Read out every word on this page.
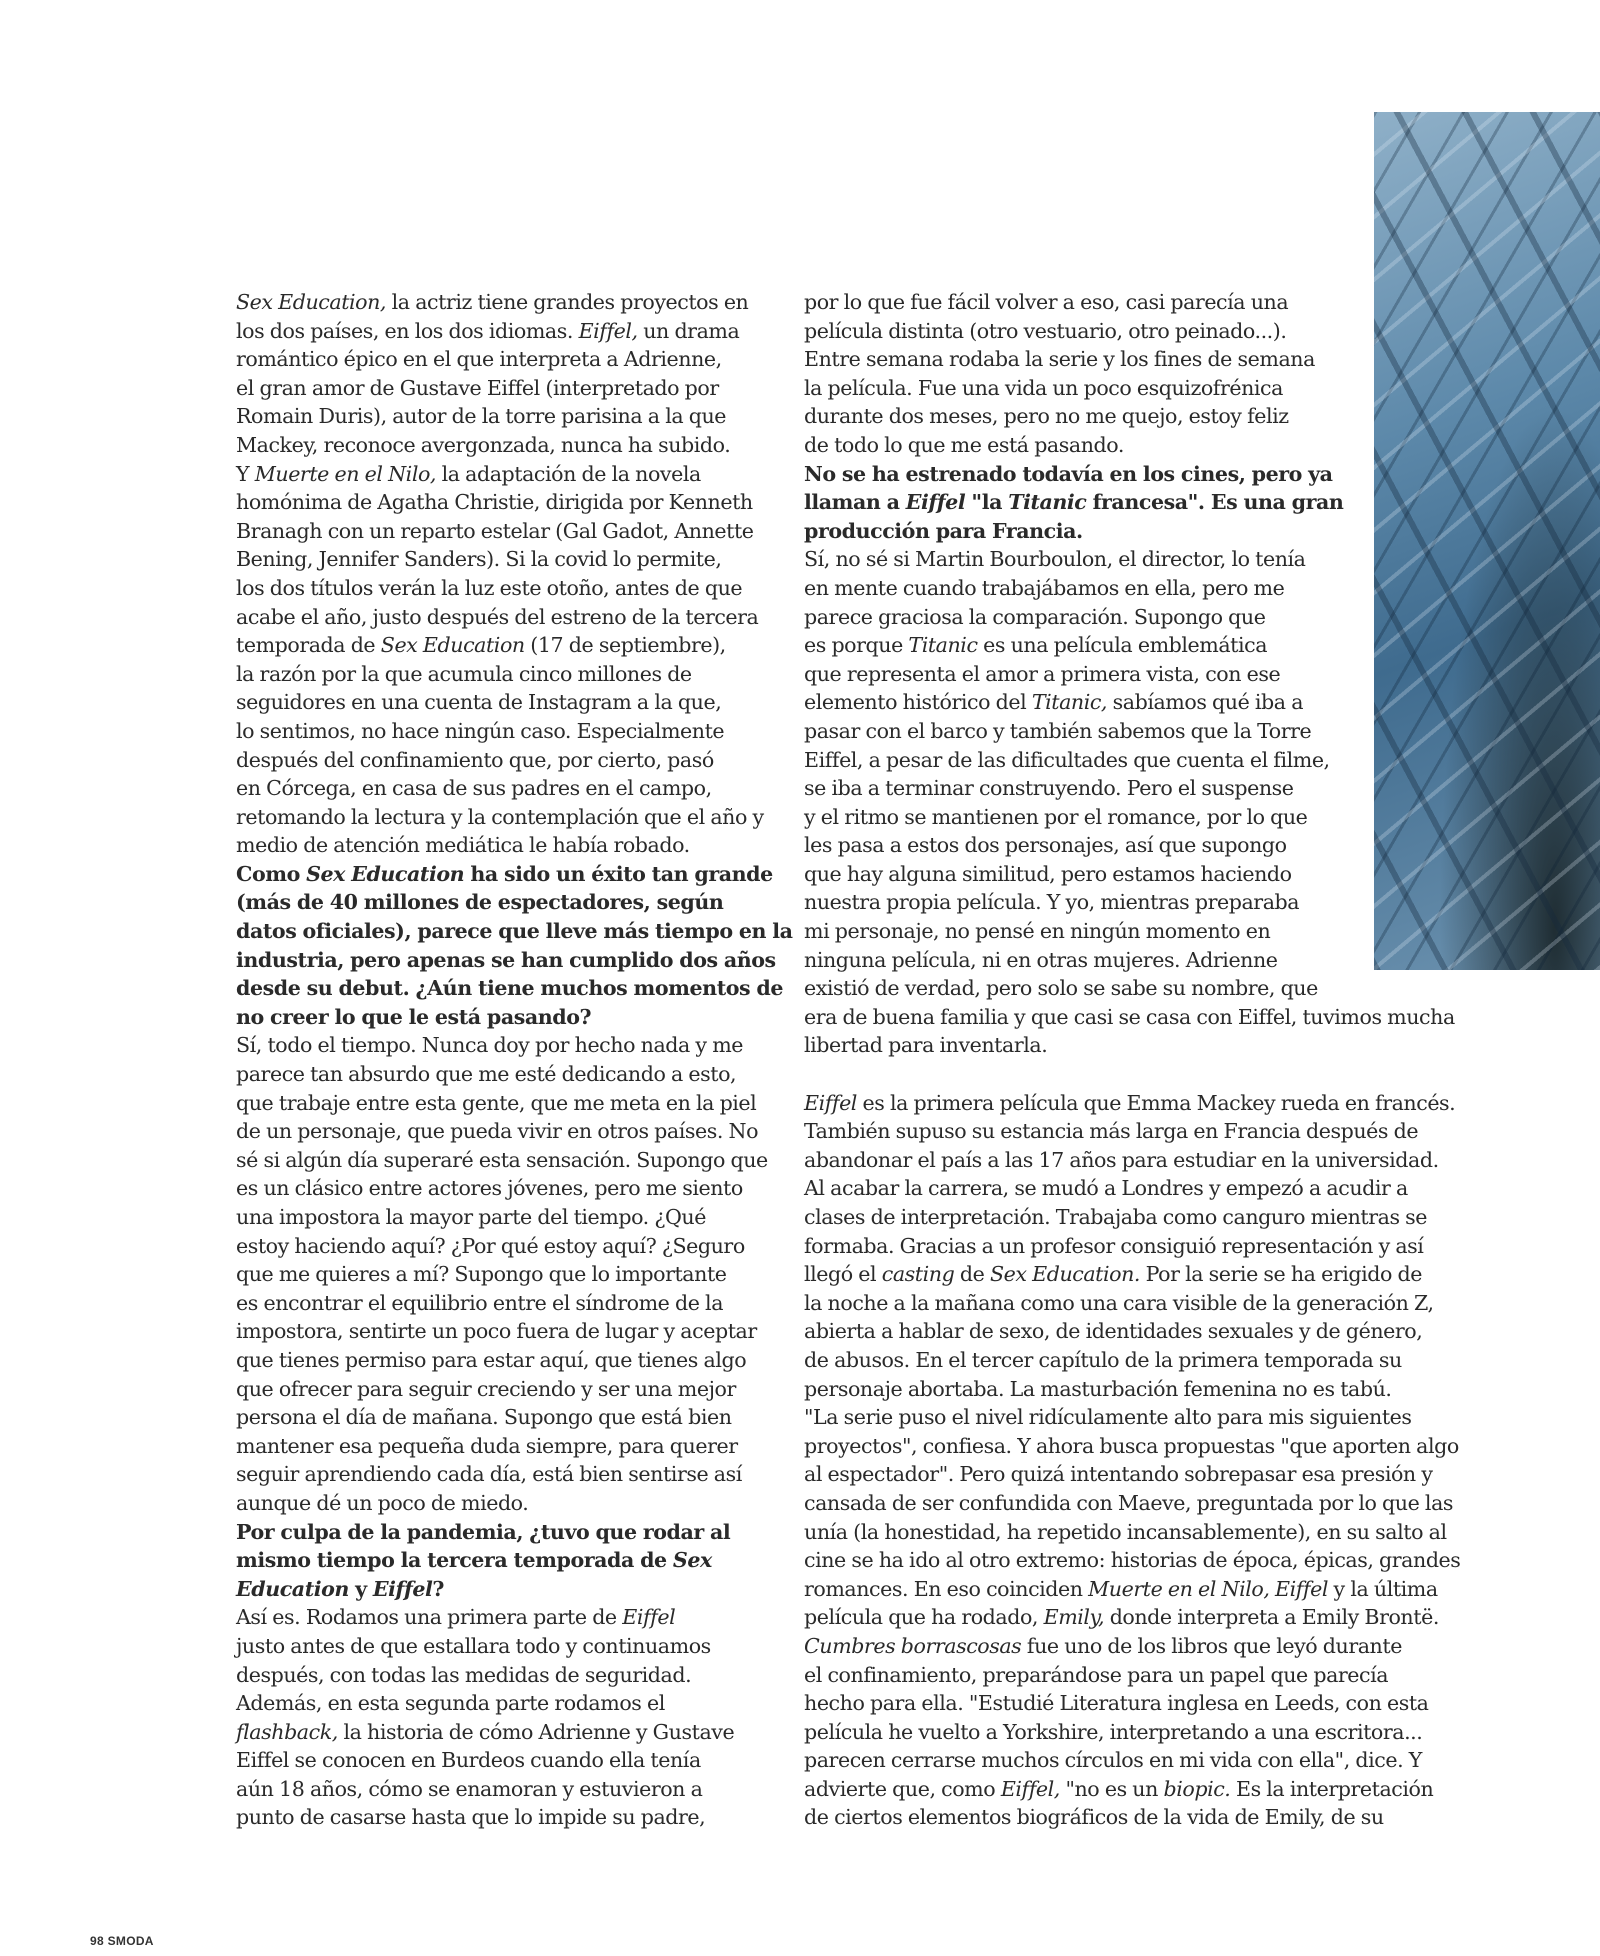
Sex Education, la actriz tiene grandes proyectos en
los dos países, en los dos idiomas. Eiffel, un drama
romántico épico en el que interpreta a Adrienne,
el gran amor de Gustave Eiffel (interpretado por
Romain Duris), autor de la torre parisina a la que
Mackey, reconoce avergonzada, nunca ha subido.
Y Muerte en el Nilo, la adaptación de la novela
homónima de Agatha Christie, dirigida por Kenneth
Branagh con un reparto estelar (Gal Gadot, Annette
Bening, Jennifer Sanders). Si la covid lo permite,
los dos títulos verán la luz este otoño, antes de que
acabe el año, justo después del estreno de la tercera
temporada de Sex Education (17 de septiembre),
la razón por la que acumula cinco millones de
seguidores en una cuenta de Instagram a la que,
lo sentimos, no hace ningún caso. Especialmente
después del confinamiento que, por cierto, pasó
en Córcega, en casa de sus padres en el campo,
retomando la lectura y la contemplación que el año y
medio de atención mediática le había robado.
Como Sex Education ha sido un éxito tan grande
(más de 40 millones de espectadores, según
datos oficiales), parece que lleve más tiempo en la
industria, pero apenas se han cumplido dos años
desde su debut. ¿Aún tiene muchos momentos de
no creer lo que le está pasando?
Sí, todo el tiempo. Nunca doy por hecho nada y me
parece tan absurdo que me esté dedicando a esto,
que trabaje entre esta gente, que me meta en la piel
de un personaje, que pueda vivir en otros países. No
sé si algún día superaré esta sensación. Supongo que
es un clásico entre actores jóvenes, pero me siento
una impostora la mayor parte del tiempo. ¿Qué
estoy haciendo aquí? ¿Por qué estoy aquí? ¿Seguro
que me quieres a mí? Supongo que lo importante
es encontrar el equilibrio entre el síndrome de la
impostora, sentirte un poco fuera de lugar y aceptar
que tienes permiso para estar aquí, que tienes algo
que ofrecer para seguir creciendo y ser una mejor
persona el día de mañana. Supongo que está bien
mantener esa pequeña duda siempre, para querer
seguir aprendiendo cada día, está bien sentirse así
aunque dé un poco de miedo.
Por culpa de la pandemia, ¿tuvo que rodar al
mismo tiempo la tercera temporada de Sex
Education y Eiffel?
Así es. Rodamos una primera parte de Eiffel
justo antes de que estallara todo y continuamos
después, con todas las medidas de seguridad.
Además, en esta segunda parte rodamos el
flashback, la historia de cómo Adrienne y Gustave
Eiffel se conocen en Burdeos cuando ella tenía
aún 18 años, cómo se enamoran y estuvieron a
punto de casarse hasta que lo impide su padre,
por lo que fue fácil volver a eso, casi parecía una
película distinta (otro vestuario, otro peinado...).
Entre semana rodaba la serie y los fines de semana
la película. Fue una vida un poco esquizofrénica
durante dos meses, pero no me quejo, estoy feliz
de todo lo que me está pasando.
No se ha estrenado todavía en los cines, pero ya
llaman a Eiffel "la Titanic francesa". Es una gran
producción para Francia.
Sí, no sé si Martin Bourboulon, el director, lo tenía
en mente cuando trabajábamos en ella, pero me
parece graciosa la comparación. Supongo que
es porque Titanic es una película emblemática
que representa el amor a primera vista, con ese
elemento histórico del Titanic, sabíamos qué iba a
pasar con el barco y también sabemos que la Torre
Eiffel, a pesar de las dificultades que cuenta el filme,
se iba a terminar construyendo. Pero el suspense
y el ritmo se mantienen por el romance, por lo que
les pasa a estos dos personajes, así que supongo
que hay alguna similitud, pero estamos haciendo
nuestra propia película. Y yo, mientras preparaba
mi personaje, no pensé en ningún momento en
ninguna película, ni en otras mujeres. Adrienne
existió de verdad, pero solo se sabe su nombre, que
era de buena familia y que casi se casa con Eiffel, tuvimos mucha
libertad para inventarla.
Eiffel es la primera película que Emma Mackey rueda en francés.
También supuso su estancia más larga en Francia después de
abandonar el país a las 17 años para estudiar en la universidad.
Al acabar la carrera, se mudó a Londres y empezó a acudir a
clases de interpretación. Trabajaba como canguro mientras se
formaba. Gracias a un profesor consiguió representación y así
llegó el casting de Sex Education. Por la serie se ha erigido de
la noche a la mañana como una cara visible de la generación Z,
abierta a hablar de sexo, de identidades sexuales y de género,
de abusos. En el tercer capítulo de la primera temporada su
personaje abortaba. La masturbación femenina no es tabú.
"La serie puso el nivel ridículamente alto para mis siguientes
proyectos", confiesa. Y ahora busca propuestas "que aporten algo
al espectador". Pero quizá intentando sobrepasar esa presión y
cansada de ser confundida con Maeve, preguntada por lo que las
unía (la honestidad, ha repetido incansablemente), en su salto al
cine se ha ido al otro extremo: historias de época, épicas, grandes
romances. En eso coinciden Muerte en el Nilo, Eiffel y la última
película que ha rodado, Emily, donde interpreta a Emily Brontë.
Cumbres borrascosas fue uno de los libros que leyó durante
el confinamiento, preparándose para un papel que parecía
hecho para ella. "Estudié Literatura inglesa en Leeds, con esta
película he vuelto a Yorkshire, interpretando a una escritora...
parecen cerrarse muchos círculos en mi vida con ella", dice. Y
advierte que, como Eiffel, "no es un biopic. Es la interpretación
de ciertos elementos biográficos de la vida de Emily, de su
98 SMODA
